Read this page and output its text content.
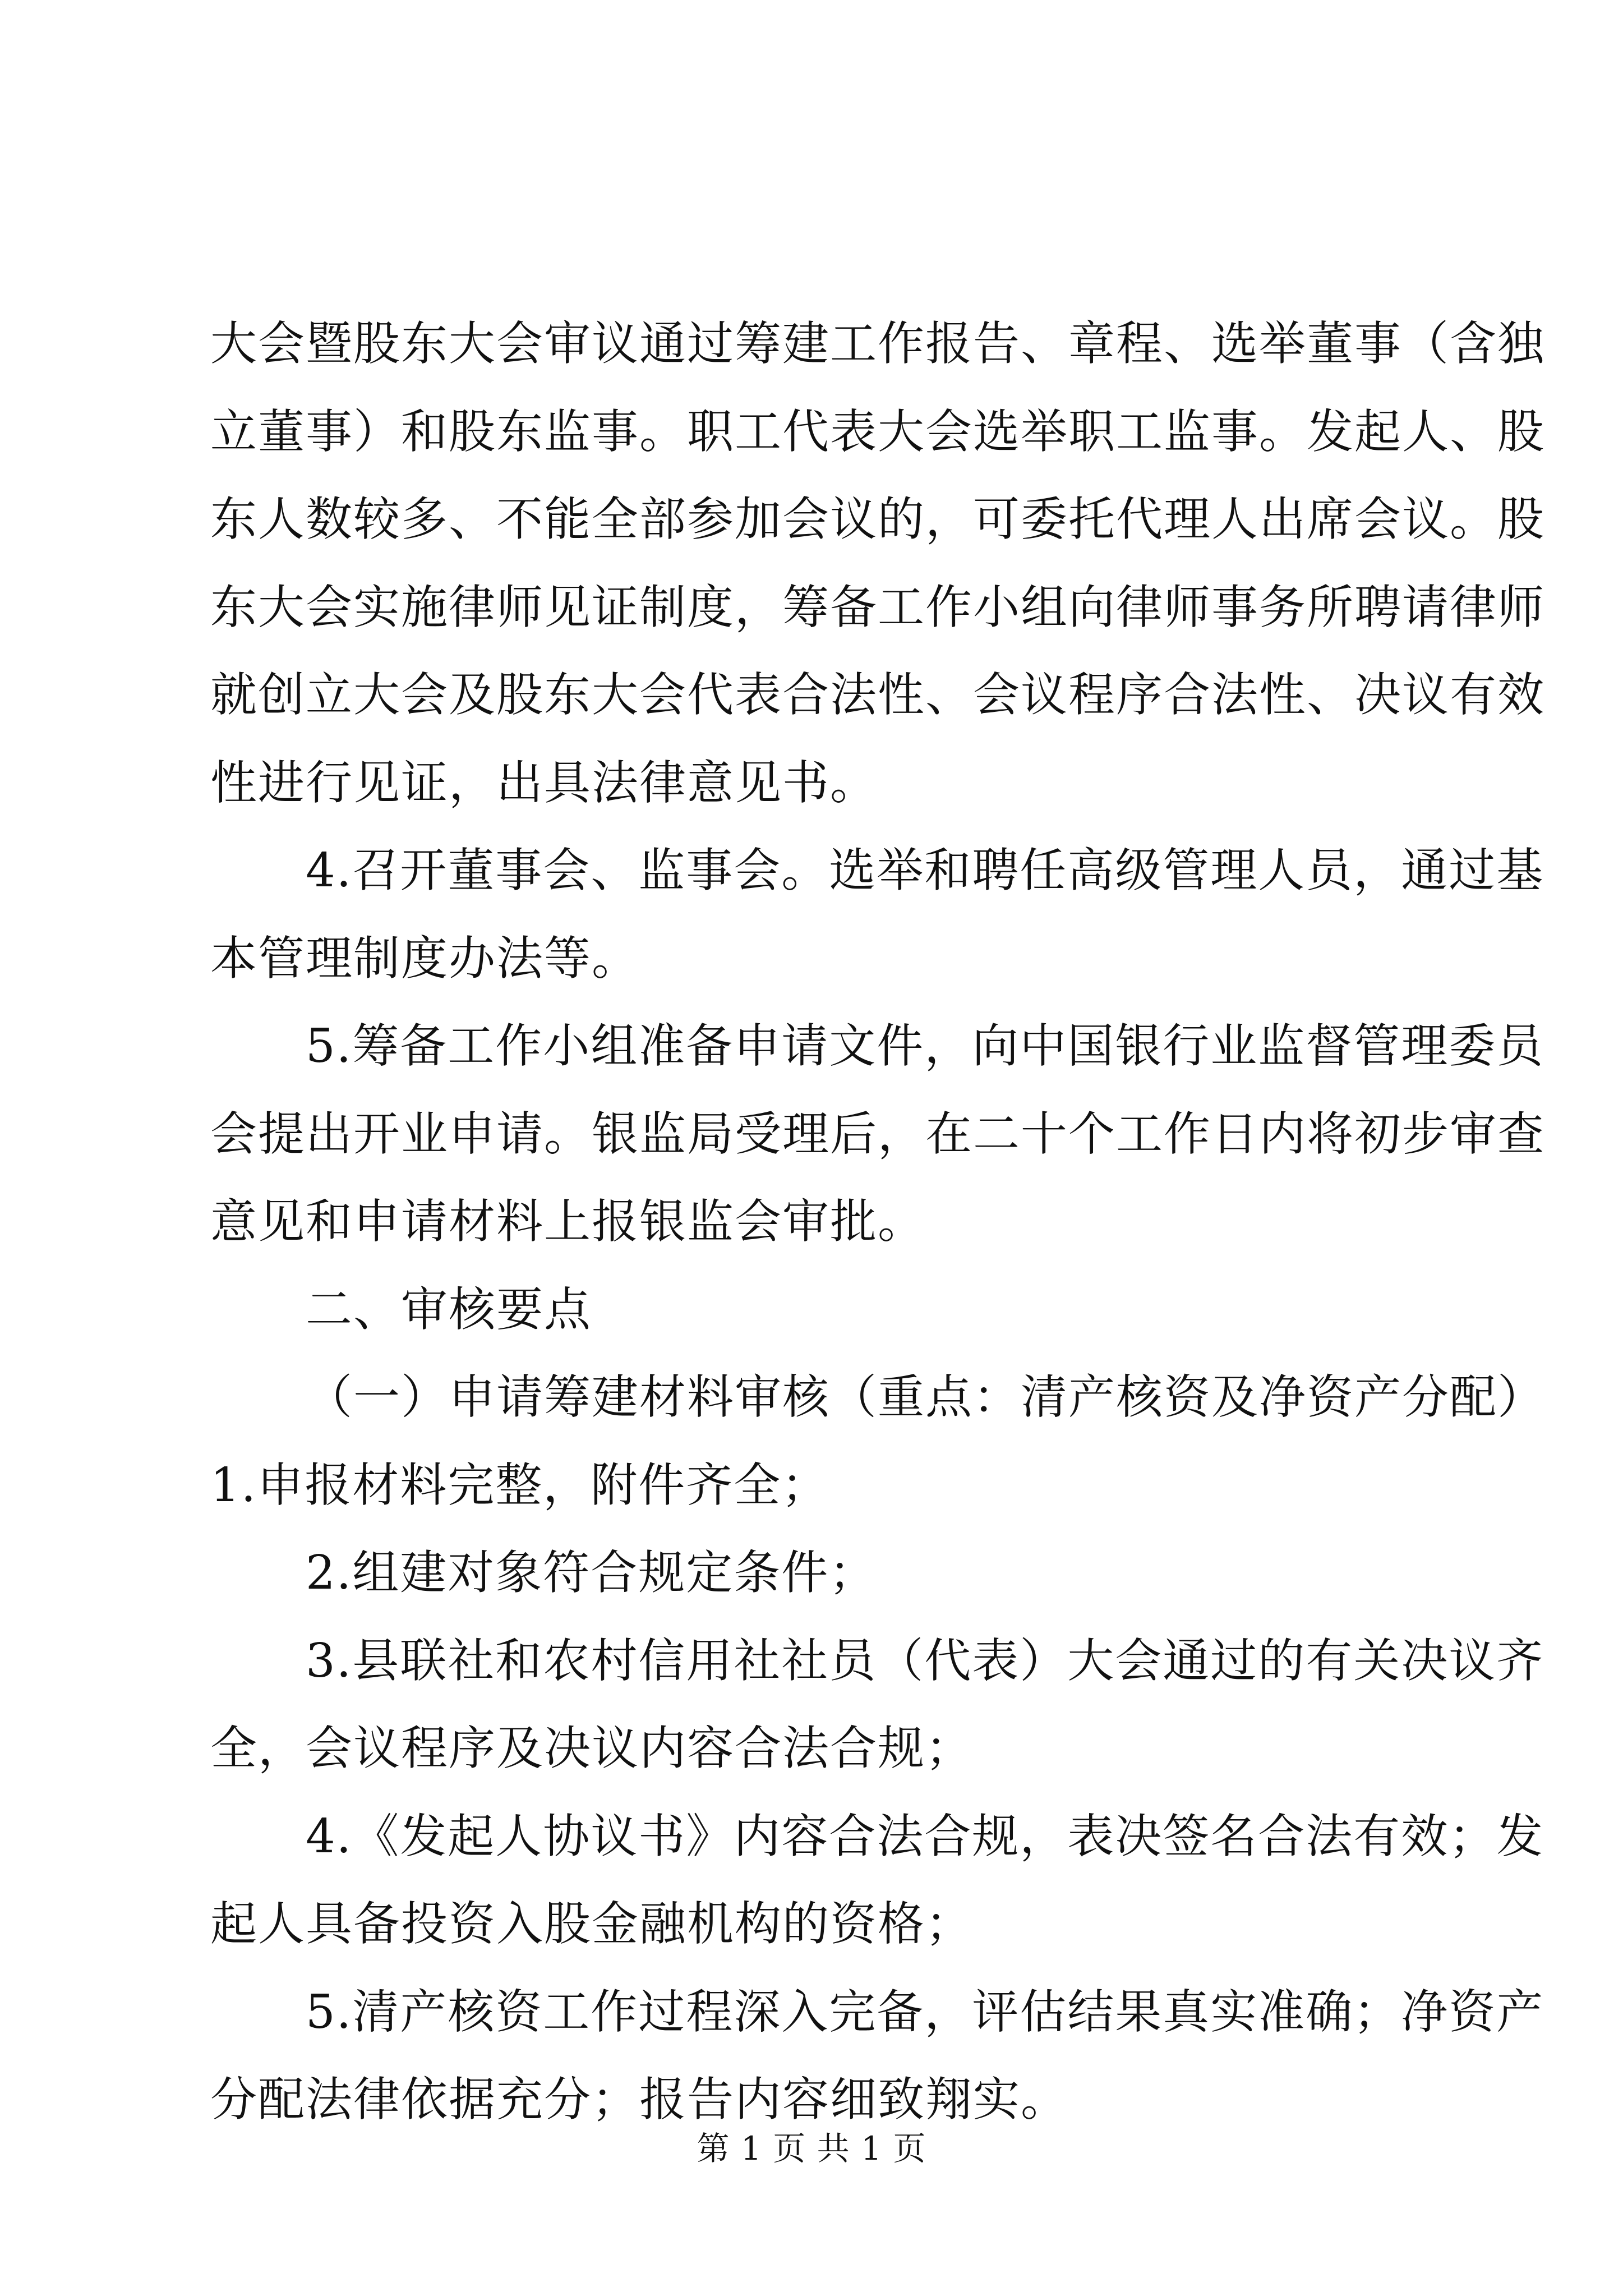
大会暨股东大会审议通过筹建工作报告、章程、选举董事（含独
立董事）和股东监事。职工代表大会选举职工监事。发起人、股
东人数较多、不能全部参加会议的，可委托代理人出席会议。股
东大会实施律师见证制度，筹备工作小组向律师事务所聘请律师
就创立大会及股东大会代表合法性、会议程序合法性、决议有效
性进行见证，出具法律意见书。
4.召开董事会、监事会。选举和聘任高级管理人员，通过基
本管理制度办法等。
5.筹备工作小组准备申请文件，向中国银行业监督管理委员
会提出开业申请。银监局受理后，在二十个工作日内将初步审查
意见和申请材料上报银监会审批。
二、审核要点
（一）申请筹建材料审核（重点：清产核资及净资产分配）
1.申报材料完整，附件齐全；
2.组建对象符合规定条件；
3.县联社和农村信用社社员（代表）大会通过的有关决议齐
全，会议程序及决议内容合法合规；
4.《发起人协议书》内容合法合规，表决签名合法有效；发
起人具备投资入股金融机构的资格；
5.清产核资工作过程深入完备，评估结果真实准确；净资产
分配法律依据充分；报告内容细致翔实。
第 1 页 共 1 页
